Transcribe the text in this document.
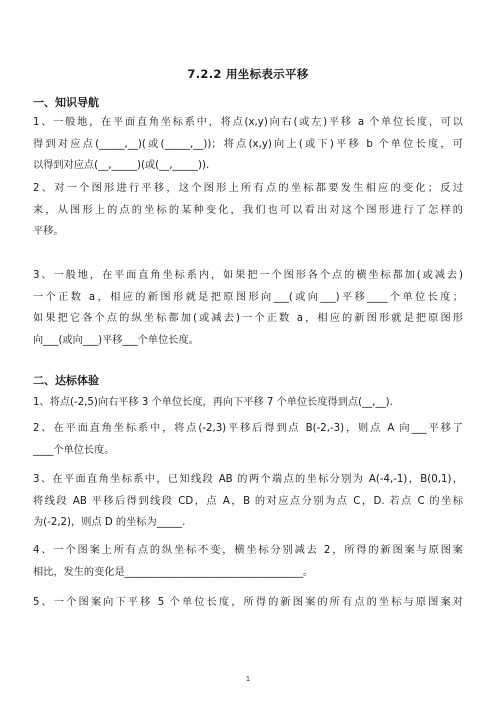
7.2.2 用坐标表示平移
一、知识导航
1、一般地，在平面直角坐标系中，将点(x,y)向右(或左)平移 a 个单位长度，可以
得到对应点(_____,__)(或(_____,__))；将点(x,y)向上(或下)平移 b 个单位长度，可
以得到对应点(__,_____)(或(__,_____)).
2、对一个图形进行平移，这个图形上所有点的坐标都要发生相应的变化；反过
来，从图形上的点的坐标的某种变化，我们也可以看出对这个图形进行了怎样的
平移。
3、一般地，在平面直角坐标系内，如果把一个图形各个点的横坐标都加(或减去)
一个正数 a，相应的新图形就是把原图形向___(或向___)平移____个单位长度；
如果把它各个点的纵坐标都加(或减去)一个正数 a，相应的新图形就是把原图形
向___(或向___)平移___个单位长度。
二、达标体验
1、将点(-2,5)向右平移 3 个单位长度，再向下平移 7 个单位长度得到点(__,__).
2、在平面直角坐标系中，将点(-2,3)平移后得到点 B(-2,-3)，则点 A 向___平移了
____个单位长度。
3、在平面直角坐标系中，已知线段 AB 的两个端点的坐标分别为 A(-4,-1)，B(0,1)，
将线段 AB 平移后得到线段 CD，点 A，B 的对应点分别为点 C，D. 若点 C 的坐标
为(-2,2)，则点 D 的坐标为_____.
4、一个图案上所有点的纵坐标不变，横坐标分别减去 2，所得的新图案与原图案
相比，发生的变化是___________________________________。
5、一个图案向下平移 5 个单位长度，所得的新图案的所有点的坐标与原图案对
1
